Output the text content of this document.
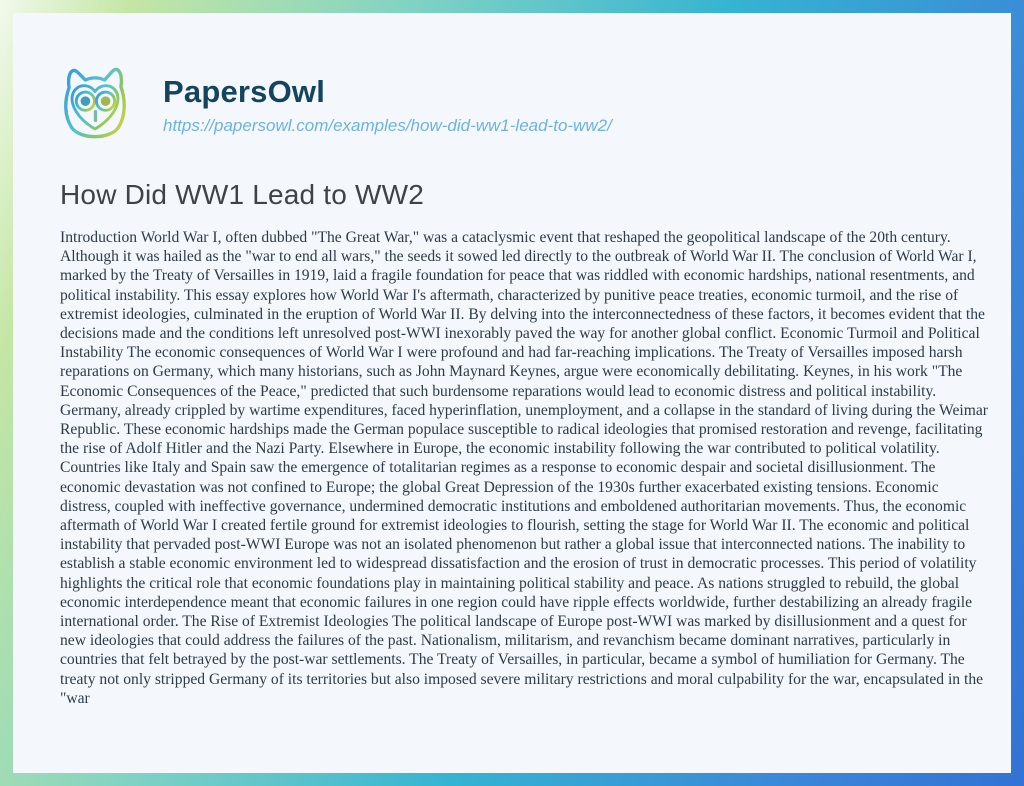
PapersOwl
https://papersowl.com/examples/how-did-ww1-lead-to-ww2/
How Did WW1 Lead to WW2

Introduction World War I, often dubbed "The Great War," was a cataclysmic event that reshaped the geopolitical landscape of the 20th century. Although it was hailed as the "war to end all wars," the seeds it sowed led directly to the outbreak of World War II. The conclusion of World War I, marked by the Treaty of Versailles in 1919, laid a fragile foundation for peace that was riddled with economic hardships, national resentments, and political instability. This essay explores how World War I's aftermath, characterized by punitive peace treaties, economic turmoil, and the rise of extremist ideologies, culminated in the eruption of World War II. By delving into the interconnectedness of these factors, it becomes evident that the decisions made and the conditions left unresolved post-WWI inexorably paved the way for another global conflict. Economic Turmoil and Political Instability The economic consequences of World War I were profound and had far-reaching implications. The Treaty of Versailles imposed harsh reparations on Germany, which many historians, such as John Maynard Keynes, argue were economically debilitating. Keynes, in his work "The Economic Consequences of the Peace," predicted that such burdensome reparations would lead to economic distress and political instability. Germany, already crippled by wartime expenditures, faced hyperinflation, unemployment, and a collapse in the standard of living during the Weimar Republic. These economic hardships made the German populace susceptible to radical ideologies that promised restoration and revenge, facilitating the rise of Adolf Hitler and the Nazi Party. Elsewhere in Europe, the economic instability following the war contributed to political volatility. Countries like Italy and Spain saw the emergence of totalitarian regimes as a response to economic despair and societal disillusionment. The economic devastation was not confined to Europe; the global Great Depression of the 1930s further exacerbated existing tensions. Economic distress, coupled with ineffective governance, undermined democratic institutions and emboldened authoritarian movements. Thus, the economic aftermath of World War I created fertile ground for extremist ideologies to flourish, setting the stage for World War II. The economic and political instability that pervaded post-WWI Europe was not an isolated phenomenon but rather a global issue that interconnected nations. The inability to establish a stable economic environment led to widespread dissatisfaction and the erosion of trust in democratic processes. This period of volatility highlights the critical role that economic foundations play in maintaining political stability and peace. As nations struggled to rebuild, the global economic interdependence meant that economic failures in one region could have ripple effects worldwide, further destabilizing an already fragile international order. The Rise of Extremist Ideologies The political landscape of Europe post-WWI was marked by disillusionment and a quest for new ideologies that could address the failures of the past. Nationalism, militarism, and revanchism became dominant narratives, particularly in countries that felt betrayed by the post-war settlements. The Treaty of Versailles, in particular, became a symbol of humiliation for Germany. The treaty not only stripped Germany of its territories but also imposed severe military restrictions and moral culpability for the war, encapsulated in the "war
